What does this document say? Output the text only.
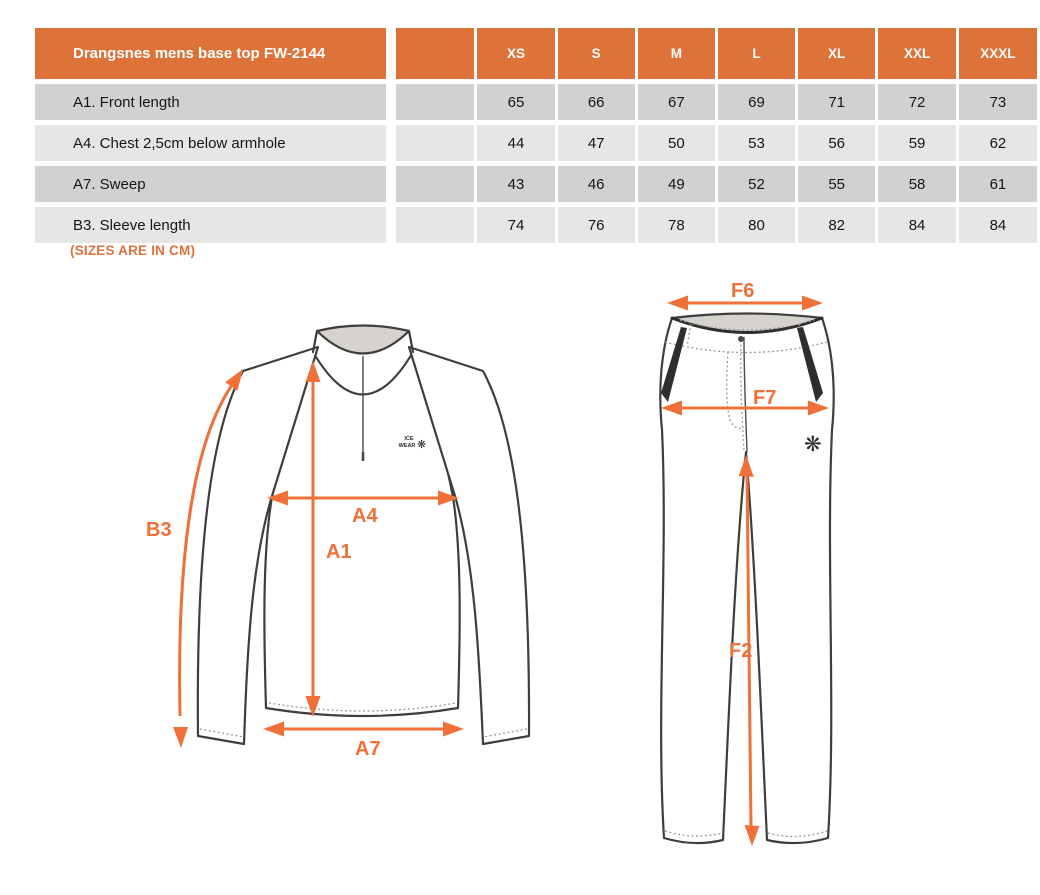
Drangsnes mens base top FW-2144		XS	S	M	L	XL	XXL	XXXL
A1. Front length		65	66	67	69	71	72	73
A4. Chest 2,5cm below armhole		44	47	50	53	56	59	62
A7. Sweep		43	46	49	52	55	58	61
B3. Sleeve length		74	76	78	80	82	84	84
(SIZES ARE IN CM)
ICE
WEAR ❋
B3
A4
A1
A7
❋
F6
F7
F2
